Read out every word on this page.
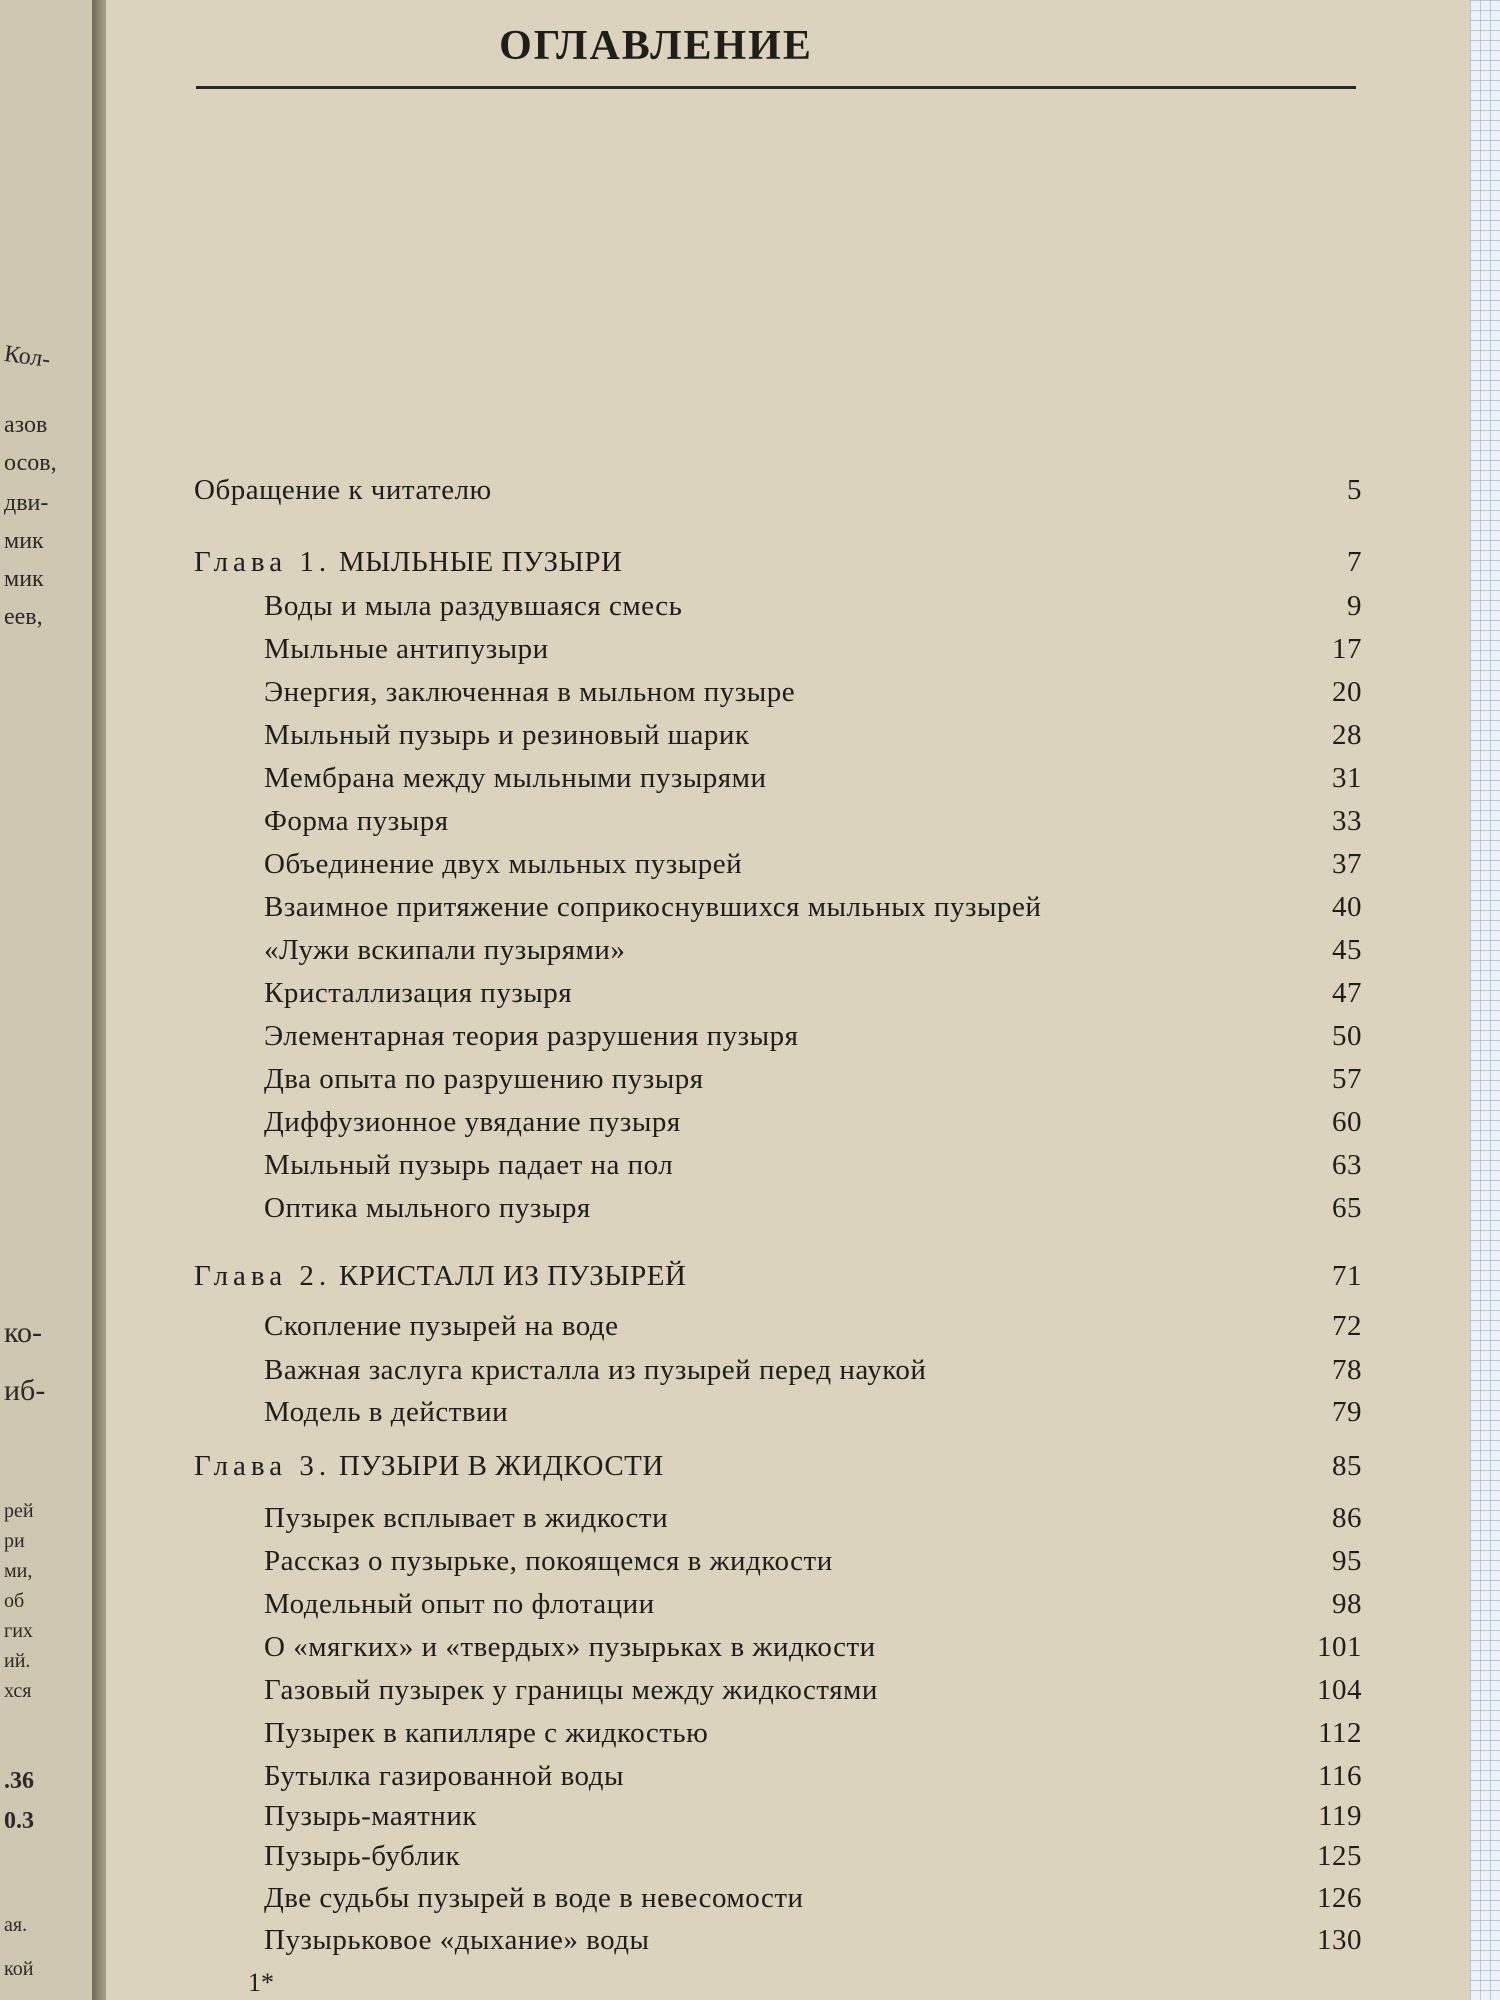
Кол-
азов
осов,
дви-
мик
мик
еев,
ко-
иб-
рей
ри
ми,
об
гих
ий.
хся
.36
0.3
ая.
кой
ОГЛАВЛЕНИЕ
Обращение к читателю	5
Глава 1. МЫЛЬНЫЕ ПУЗЫРИ	7
Воды и мыла раздувшаяся смесь	9
Мыльные антипузыри	17
Энергия, заключенная в мыльном пузыре	20
Мыльный пузырь и резиновый шарик	28
Мембрана между мыльными пузырями	31
Форма пузыря	33
Объединение двух мыльных пузырей	37
Взаимное притяжение соприкоснувшихся мыльных пузырей	40
«Лужи вскипали пузырями»	45
Кристаллизация пузыря	47
Элементарная теория разрушения пузыря	50
Два опыта по разрушению пузыря	57
Диффузионное увядание пузыря	60
Мыльный пузырь падает на пол	63
Оптика мыльного пузыря	65
Глава 2. КРИСТАЛЛ ИЗ ПУЗЫРЕЙ	71
Скопление пузырей на воде	72
Важная заслуга кристалла из пузырей перед наукой	78
Модель в действии	79
Глава 3. ПУЗЫРИ В ЖИДКОСТИ	85
Пузырек всплывает в жидкости	86
Рассказ о пузырьке, покоящемся в жидкости	95
Модельный опыт по флотации	98
О «мягких» и «твердых» пузырьках в жидкости	101
Газовый пузырек у границы между жидкостями	104
Пузырек в капилляре с жидкостью	112
Бутылка газированной воды	116
Пузырь-маятник	119
Пузырь-бублик	125
Две судьбы пузырей в воде в невесомости	126
Пузырьковое «дыхание» воды	130
1*
